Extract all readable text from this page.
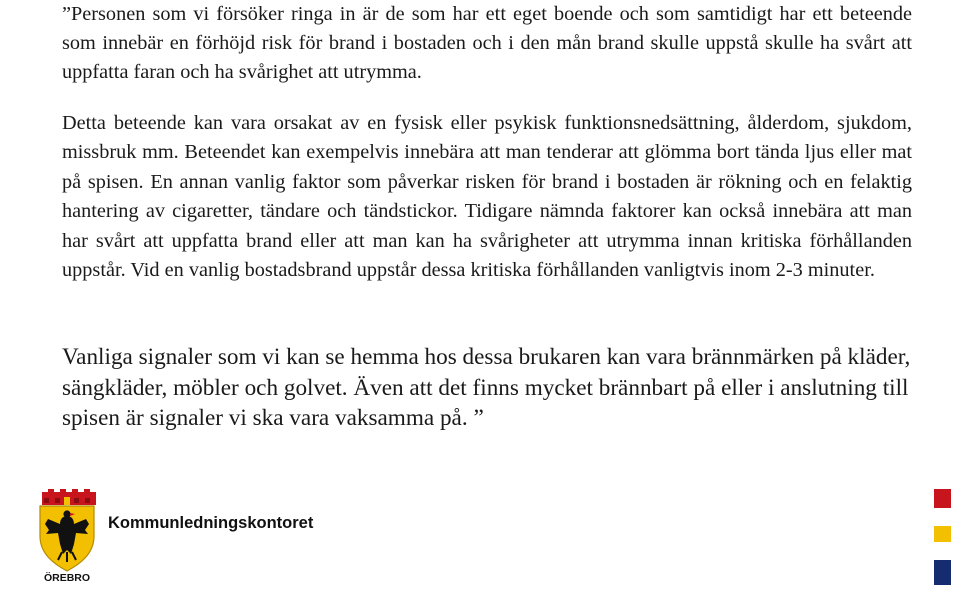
”Personen som vi försöker ringa in är de som har ett eget boende och som samtidigt har ett beteende som innebär en förhöjd risk för brand i bostaden och i den mån brand skulle uppstå skulle ha svårt att uppfatta faran och ha svårighet att utrymma.

Detta beteende kan vara orsakat av en fysisk eller psykisk funktionsnedsättning, ålderdom, sjukdom, missbruk mm. Beteendet kan exempelvis innebära att man tenderar att glömma bort tända ljus eller mat på spisen. En annan vanlig faktor som påverkar risken för brand i bostaden är rökning och en felaktig hantering av cigaretter, tändare och tändstickor. Tidigare nämnda faktorer kan också innebära att man har svårt att uppfatta brand eller att man kan ha svårigheter att utrymma innan kritiska förhållanden uppstår. Vid en vanlig bostadsbrand uppstår dessa kritiska förhållanden vanligtvis inom 2-3 minuter.

Vanliga signaler som vi kan se hemma hos dessa brukaren kan vara brännmärken på kläder, sängkläder, möbler och golvet. Även att det finns mycket brännbart på eller i anslutning till spisen är signaler vi ska vara vaksamma på. ”

ÖREBRO
Kommunledningskontoret
